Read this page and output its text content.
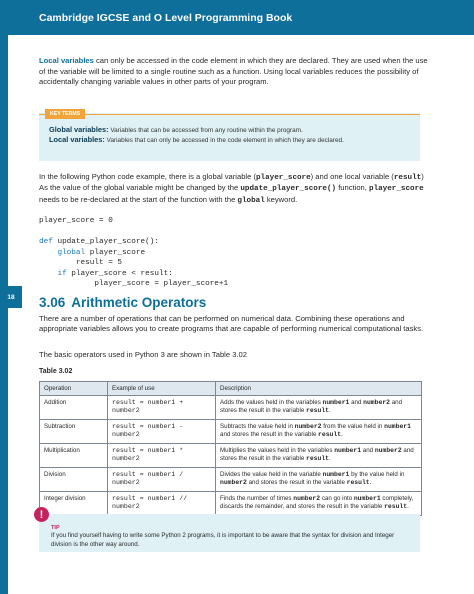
Cambridge IGCSE and O Level Programming Book
18
Local variables can only be accessed in the code element in which they are declared. They are used when the use of the variable will be limited to a single routine such as a function. Using local variables reduces the possibility of accidentally changing variable values in other parts of your program.
KEY TERMS
Global variables: Variables that can be accessed from any routine within the program.
Local variables: Variables that can only be accessed in the code element in which they are declared.
In the following Python code example, there is a global variable (player_score) and one local variable (result) As the value of the global variable might be changed by the update_player_score() function, player_score needs to be re-declared at the start of the function with the global keyword.
player_score = 0
def update_player_score():
global player_score
result = 5
if player_score < result:
player_score = player_score+1
3.06 Arithmetic Operators
There are a number of operations that can be performed on numerical data. Combining these operations and appropriate variables allows you to create programs that are capable of performing numerical computational tasks.
The basic operators used in Python 3 are shown in Table 3.02
Table 3.02
Operation	Example of use	Description
Addition	result = number1 + number2	Adds the values held in the variables number1 and number2 and stores the result in the variable result.
Subtraction	result = number1 - number2	Subtracts the value held in number2 from the value held in number1 and stores the result in the variable result.
Multiplication	result = number1 * number2	Multiplies the values held in the variables number1 and number2 and stores the result in the variable result.
Division	result = number1 / number2	Divides the value held in the variable number1 by the value held in number2 and stores the result in the variable result.
Integer division	result = number1 // number2	Finds the number of times number2 can go into number1 completely, discards the remainder, and stores the result in the variable result.
!
TIP
If you find yourself having to write some Python 2 programs, it is important to be aware that the syntax for division and Integer division is the other way around.
